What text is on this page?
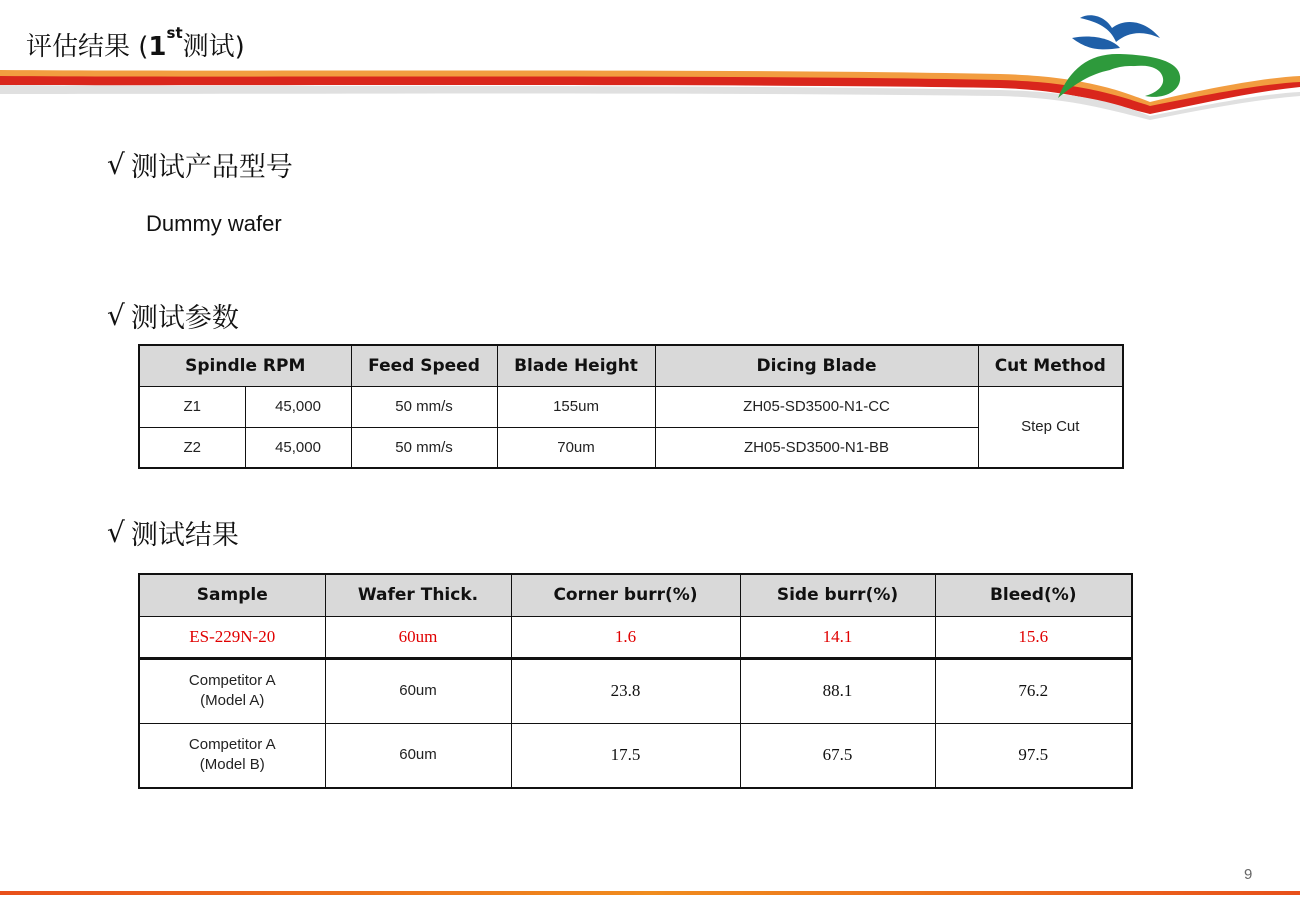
评估结果 (1st测试)
√ 测试产品型号
Dummy wafer
√ 测试参数
Spindle RPM		Feed Speed	Blade Height	Dicing Blade	Cut Method
Z1	45,000	50 mm/s	155um	ZH05-SD3500-N1-CC	Step Cut
Z2	45,000	50 mm/s	70um	ZH05-SD3500-N1-BB	
√ 测试结果
Sample	Wafer Thick.	Corner burr(%)	Side burr(%)	Bleed(%)
ES-229N-20	60um	1.6	14.1	15.6

Competitor A
(Model A)	60um	23.8	88.1	76.2

Competitor A
(Model B)	60um	17.5	67.5	97.5
9
